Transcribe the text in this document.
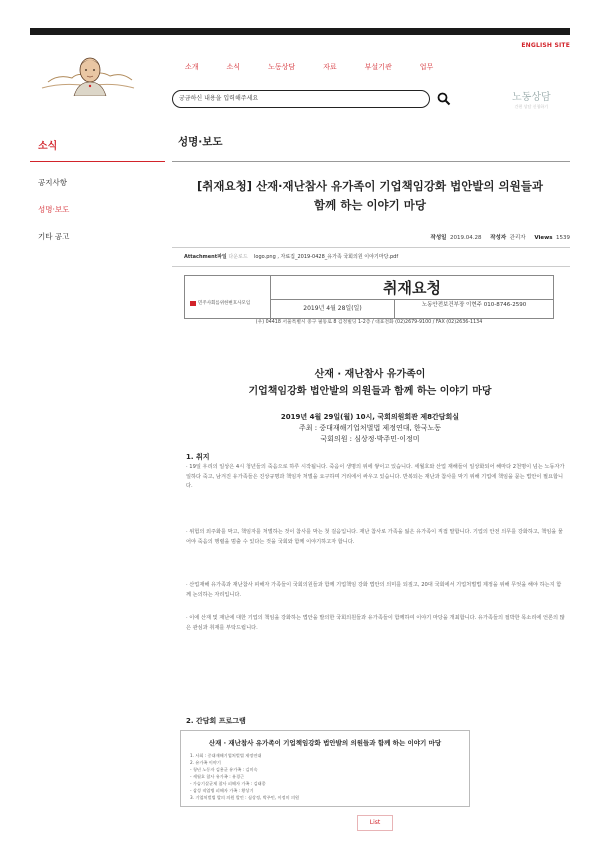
ENGLISH SITE
소개	소식	노동상담	자료	부설기관	업무
궁금하신 내용을 입력해주세요	노동상담
간편 상담 신청하기
소식
공지사항
성명·보도
기타 공고
성명·보도
[취재요청] 산재·재난참사 유가족이 기업책임강화 법안발의 의원들과
함께 하는 이야기 마당
작성일 2019.04.28 작성자 관리자 Views 1539
Attachment파일 다운로드 logo.png , 자료집_2019-0428_유가족 국회의원 이야기마당.pdf
민주사회를위한변호사모임
취재요청
2019년 4월 28일(일)	노동안전보건부장 이현주 010-8746-2590
(우) 04418 서울특별시 중구 필동로 8 김정빌딩 1-2층 / 대표전화 (02)2679-9100 / FAX (02)2636-1134
산재 · 재난참사 유가족이
기업책임강화 법안발의 의원들과 함께 하는 이야기 마당
2019년 4월 29일(월) 10시, 국회의원회관 제8간담회실
주최 : 중대재해기업처벌법 제정연대, 한국노동
국회의원 : 심상정·박주민·이정미
1. 취지
· 19일 우리의 일상은 4시 청년들의 죽음으로 하루 시작됩니다. 죽음이 생명의 위에 쌓이고 있습니다. 세월호와 산업 재해들이 일상화되어 해마다 2천명이 넘는 노동자가 일하다 죽고, 남겨진 유가족들은 진상규명과 책임자 처벌을 요구하며 거리에서 싸우고 있습니다. 반복되는 재난과 참사를 막기 위해 기업에 책임을 묻는 법안이 필요합니다.
· 위험의 외주화를 막고, 책임자를 처벌하는 것이 참사를 막는 첫 걸음입니다. 재난 참사로 가족을 잃은 유가족이 직접 말합니다. 기업의 안전 의무를 강화하고, 책임을 물어야 죽음의 행렬을 멈출 수 있다는 것을 국회와 함께 이야기하고자 합니다.
· 산업재해 유가족과 재난참사 피해자 가족들이 국회의원들과 함께 기업책임 강화 법안의 의미를 되짚고, 20대 국회에서 기업처벌법 제정을 위해 무엇을 해야 하는지 함께 논의하는 자리입니다.
· 이에 산재 및 재난에 대한 기업의 책임을 강화하는 법안을 발의한 국회의원들과 유가족들이 함께하여 이야기 마당을 개최합니다. 유가족들의 절박한 목소리에 언론의 많은 관심과 취재를 부탁드립니다.
2. 간담회 프로그램
산재 · 재난참사 유가족이 기업책임강화 법안발의 의원들과 함께 하는 이야기 마당
1. 사회 : 중대재해기업처벌법 제정연대
2. 유가족 이야기
- 청년 노동자 김용균 유가족 : 김미숙
- 세월호 참사 유가족 : 유경근
- 가습기살균제 참사 피해자 가족 : 김태종
- 삼성 직업병 피해자 가족 : 황상기
3. 기업처벌법 발의 의원 발언 : 심상정, 박주민, 이정미 의원
List
